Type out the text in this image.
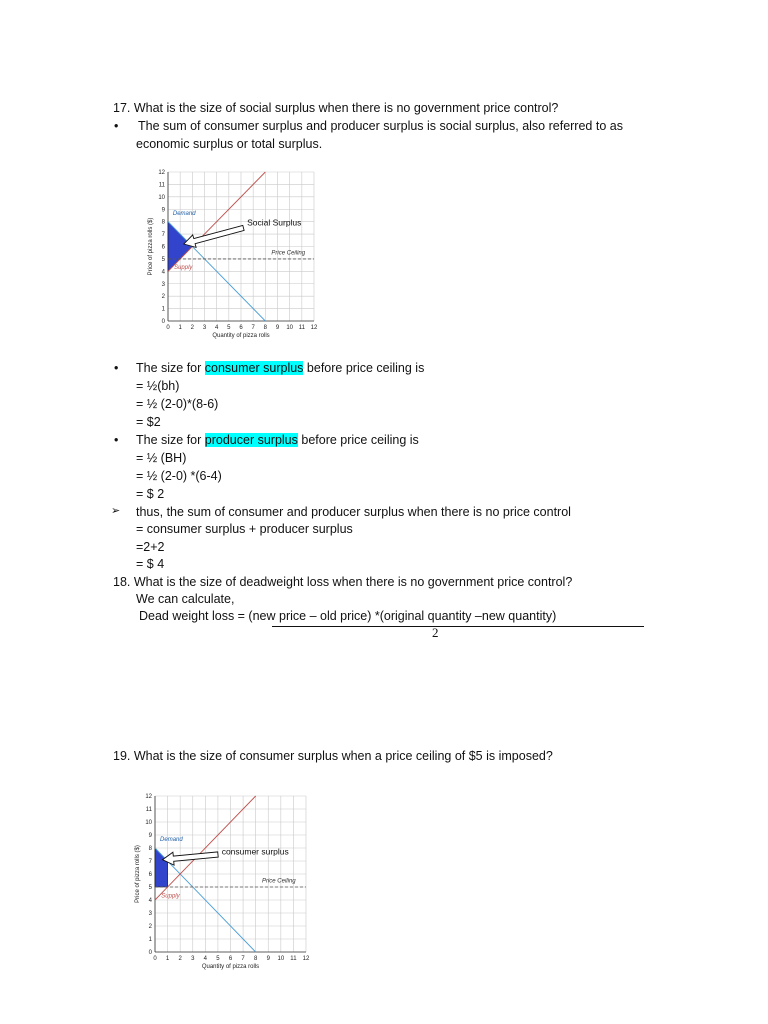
17. What is the size of social surplus when there is no government price control?
• The sum of consumer surplus and producer surplus is social surplus, also referred to as
economic surplus or total surplus.
0 1 2 3 4 5 6 7 8 9 10 11 12
0
1
2
3
4
5
6
7
8
9
10
11
12
Quantity of pizza rolls
Price of pizza rolls ($)
Demand
Supply
Price Ceiling
Social Surplus
• The size for consumer surplus before price ceiling is
= ½(bh)
= ½ (2-0)*(8-6)
= $2
• The size for producer surplus before price ceiling is
= ½ (BH)
= ½ (2-0) *(6-4)
= $ 2
➢ thus, the sum of consumer and producer surplus when there is no price control
= consumer surplus + producer surplus
=2+2
= $ 4
18. What is the size of deadweight loss when there is no government price control?
We can calculate,
Dead weight loss = (new price – old price) *(original quantity –new quantity)
2
19. What is the size of consumer surplus when a price ceiling of $5 is imposed?
0 1 2 3 4 5 6 7 8 9 10 11 12
0
1
2
3
4
5
6
7
8
9
10
11
12
Quantity of pizza rolls
Price of pizza rolls ($)
Demand
Supply
Price Ceiling
consumer surplus
